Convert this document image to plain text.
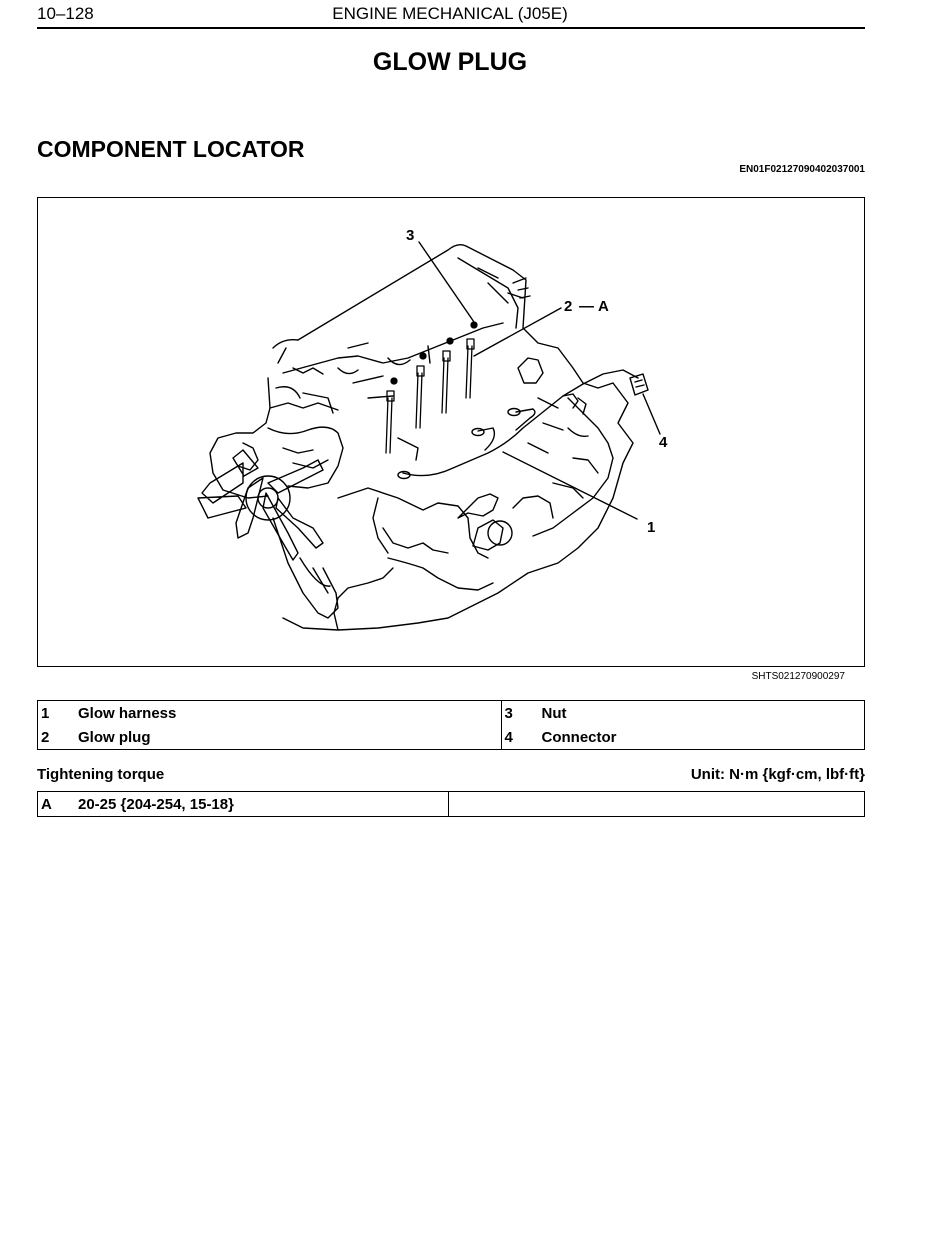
10–128	ENGINE MECHANICAL (J05E)
GLOW PLUG
COMPONENT LOCATOR
EN01F02127090402037001
3
2 — A
4
1
SHTS021270900297
1	Glow harness	3	Nut
2	Glow plug	4	Connector
Tightening torque	Unit: N·m {kgf·cm, lbf·ft}
A	20-25 {204-254, 15-18}	
